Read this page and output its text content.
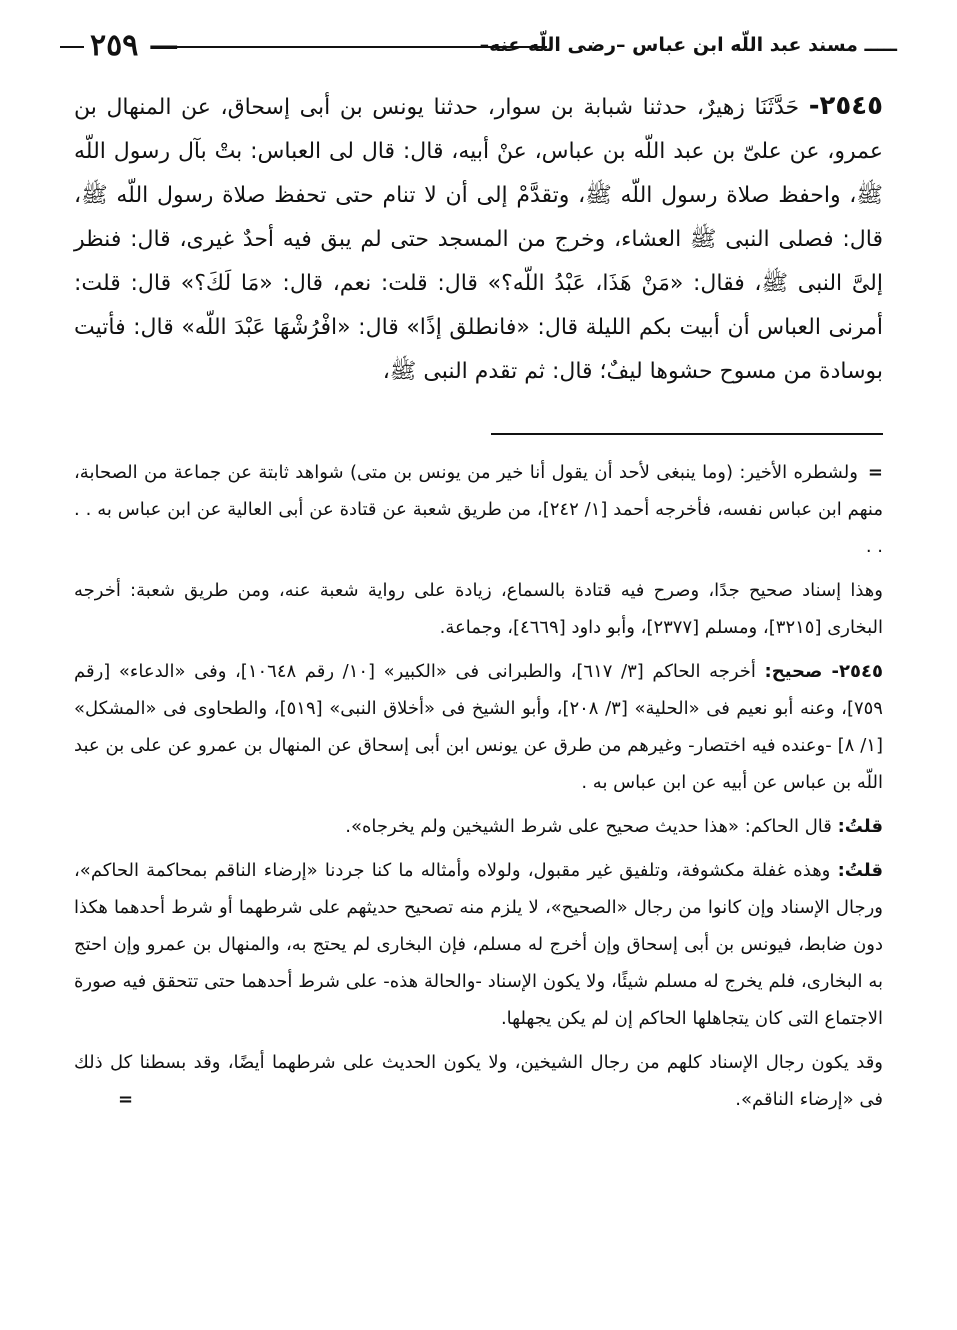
ـــــ مسند عبد اللّه ابن عباس –رضى اللّه عنه–
— ٢٥٩
٢٥٤٥- حَدَّثَنَا زهيرٌ، حدثنا شبابة بن سوار، حدثنا يونس بن أبى إسحاق، عن المنهال بن عمرو، عن علىّ بن عبد اللّه بن عباس، عنْ أبيه، قال: قال لى العباس: بتْ بآل رسول اللّه ﷺ، واحفظ صلاة رسول اللّه ﷺ، وتقدَّمْ إلى أن لا تنام حتى تحفظ صلاة رسول اللّه ﷺ، قال: فصلى النبى ﷺ العشاء، وخرج من المسجد حتى لم يبق فيه أحدٌ غيرى، قال: فنظر إلىَّ النبى ﷺ، فقال: «مَنْ هَذَا، عَبْدُ اللّه؟» قال: قلت: نعم، قال: «مَا لَكَ؟» قال: قلت: أمرنى العباس أن أبيت بكم الليلة قال: «فانطلق إذًا» قال: «افْرُشْهَا عَبْدَ اللّه» قال: فأتيت بوسادة من مسوح حشوها ليفٌ؛ قال: ثم تقدم النبى ﷺ،

=ولشطره الأخير: (وما ينبغى لأحد أن يقول أنا خير من يونس بن متى) شواهد ثابتة عن جماعة من الصحابة، منهم ابن عباس نفسه، فأخرجه أحمد [١/ ٢٤٢]، من طريق شعبة عن قتادة عن أبى العالية عن ابن عباس به . . . .

وهذا إسناد صحيح جدًا، وصرح فيه قتادة بالسماع، زيادة على رواية شعبة عنه، ومن طريق شعبة: أخرجه البخارى [٣٢١٥]، ومسلم [٢٣٧٧]، وأبو داود [٤٦٦٩]، وجماعة.

٢٥٤٥- صحيح: أخرجه الحاكم [٣/ ٦١٧]، والطبرانى فى «الكبير» [١٠/ رقم ١٠٦٤٨]، وفى «الدعاء» [رقم ٧٥٩]، وعنه أبو نعيم فى «الحلية» [٣/ ٢٠٨]، وأبو الشيخ فى «أخلاق النبى» [٥١٩]، والطحاوى فى «المشكل» [١/ ٨] -وعنده فيه اختصار- وغيرهم من طرق عن يونس ابن أبى إسحاق عن المنهال بن عمرو عن على بن عبد اللّه بن عباس عن أبيه عن ابن عباس به .

قلتُ: قال الحاكم: «هذا حديث صحيح على شرط الشيخين ولم يخرجاه».

قلتُ: وهذه غفلة مكشوفة، وتلفيق غير مقبول، ولولاه وأمثاله ما كنا جردنا «إرضاء الناقم بمحاكمة الحاكم»، ورجال الإسناد وإن كانوا من رجال «الصحيح»، لا يلزم منه تصحيح حديثهم على شرطهما أو شرط أحدهما هكذا دون ضابط، فيونس بن أبى إسحاق وإن أخرج له مسلم، فإن البخارى لم يحتج به، والمنهال بن عمرو وإن احتج به البخارى، فلم يخرج له مسلم شيئًا، ولا يكون الإسناد -والحالة هذه- على شرط أحدهما حتى تتحقق فيه صورة الاجتماع التى كان يتجاهلها الحاكم إن لم يكن يجهلها.

وقد يكون رجال الإسناد كلهم من رجال الشيخين، ولا يكون الحديث على شرطهما أيضًا، وقد بسطنا كل ذلك فى «إرضاء الناقم».
=
